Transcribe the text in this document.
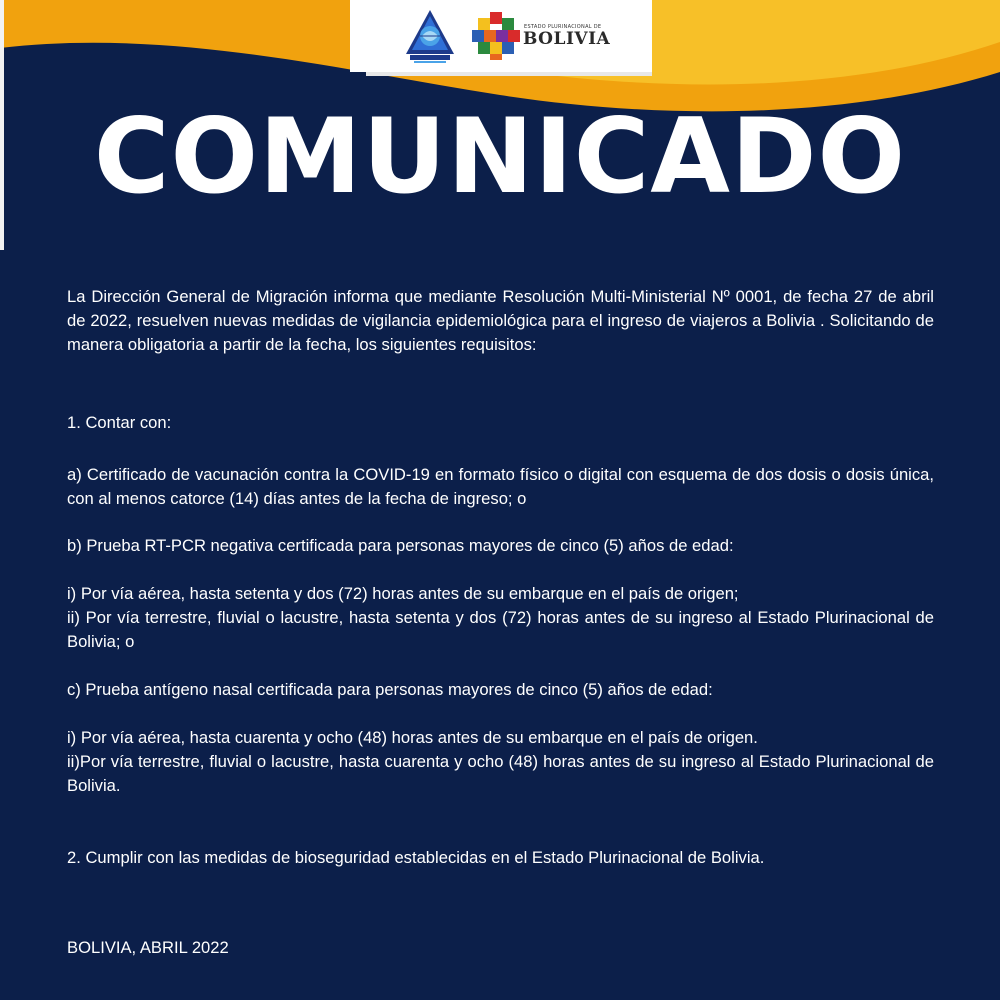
ESTADO PLURINACIONAL DE
BOLIVIA
COMUNICADO

La Dirección General de Migración informa que mediante Resolución Multi-Ministerial Nº 0001, de fecha 27 de abril de 2022, resuelven nuevas medidas de vigilancia epidemiológica para el ingreso de viajeros a Bolivia . Solicitando de manera obligatoria a partir de la fecha, los siguientes requisitos:

1. Contar con:

a) Certificado de vacunación contra la COVID-19 en formato físico o digital con esquema de dos dosis o dosis única, con al menos catorce (14) días antes de la fecha de ingreso; o

b) Prueba RT-PCR negativa certificada para personas mayores de cinco (5) años de edad:

i) Por vía aérea, hasta setenta y dos (72) horas antes de su embarque en el país de origen;

ii) Por vía terrestre, fluvial o lacustre, hasta setenta y dos (72) horas antes de su ingreso al Estado Plurinacional de Bolivia; o

c) Prueba antígeno nasal certificada para personas mayores de cinco (5) años de edad:

i) Por vía aérea, hasta cuarenta y ocho (48) horas antes de su embarque en el país de origen.

ii)Por vía terrestre, fluvial o lacustre, hasta cuarenta y ocho (48) horas antes de su ingreso al Estado Plurinacional de Bolivia.

2. Cumplir con las medidas de bioseguridad establecidas en el Estado Plurinacional de Bolivia.

BOLIVIA, ABRIL 2022
